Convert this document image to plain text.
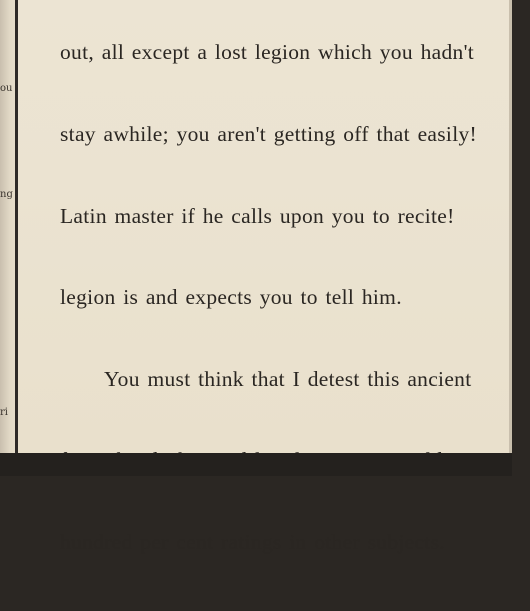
ou
ng
ri

out, all except a lost legion which you hadn't

stay awhile; you aren't getting off that easily!

Latin master if he calls upon you to recite!

legion is and expects you to tell him.

You must think that I detest this ancient

hundred per cent ratings in other subjects.
